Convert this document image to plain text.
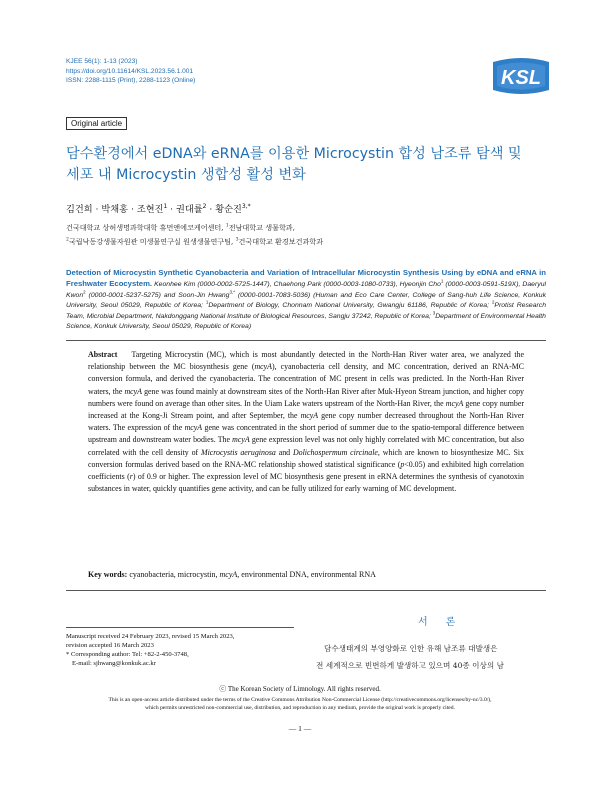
KJEE 56(1): 1-13 (2023)
https://doi.org/10.11614/KSL.2023.56.1.001
ISSN: 2288-1115 (Print), 2288-1123 (Online)	KSL
Original article
담수환경에서 eDNA와 eRNA를 이용한 Microcystin 합성 남조류 탐색 및
세포 내 Microcystin 생합성 활성 변화
김건희 · 박채홍 · 조현진$^1$ · 권대률$^2$ · 황순진$^{3,*}$
건국대학교 상허생명과학대학 휴먼앤에코케어센터, $^1$전남대학교 생물학과,
$^2$국립낙동강생물자원관 미생물연구실 원생생물연구팀, $^3$건국대학교 환경보건과학과
Detection of Microcystin Synthetic Cyanobacteria and Variation of Intracellular Microcystin Synthesis Using by eDNA and eRNA in Freshwater Ecocystem. Keonhee Kim (0000-0002-5725-1447), Chaehong Park (0000-0003-1080-0733), Hyeonjin Cho$^1$ (0000-0003-0591-519X), Daeryul Kwon$^2$ (0000-0001-5237-5275) and Soon-Jin Hwang$^{3,*}$ (0000-0001-7083-5036) (Human and Eco Care Center, College of Sang-huh Life Science, Konkuk University, Seoul 05029, Republic of Korea; $^1$Department of Biology, Chonnam National University, Gwangju 61186, Republic of Korea; $^2$Protist Research Team, Microbial Department, Nakdonggang National Institute of Biological Resources, Sangju 37242, Republic of Korea; $^3$Department of Environmental Health Science, Konkuk University, Seoul 05029, Republic of Korea)
Abstract Targeting Microcystin (MC), which is most abundantly detected in the North-Han River water area, we analyzed the relationship between the MC biosynthesis gene (mcyA), cyanobacteria cell density, and MC concentration, derived an RNA-MC conversion formula, and derived the cyanobacteria. The concentration of MC present in cells was predicted. In the North-Han River waters, the mcyA gene was found mainly at downstream sites of the North-Han River after Muk-Hyeon Stream junction, and higher copy numbers were found on average than other sites. In the Uiam Lake waters upstream of the North-Han River, the mcyA gene copy number increased at the Kong-Ji Stream point, and after September, the mcyA gene copy number decreased throughout the North-Han River waters. The expression of the mcyA gene was concentrated in the short period of summer due to the spatio-temporal difference between upstream and downstream water bodies. The mcyA gene expression level was not only highly correlated with MC concentration, but also correlated with the cell density of Microcystis aeruginosa and Dolichospermum circinale, which are known to biosynthesize MC. Six conversion formulas derived based on the RNA-MC relationship showed statistical significance (p<0.05) and exhibited high correlation coefficients (r) of 0.9 or higher. The expression level of MC biosynthesis gene present in eRNA determines the synthesis of cyanotoxin substances in water, quickly quantifies gene activity, and can be fully utilized for early warning of MC development.
Key words: cyanobacteria, microcystin, mcyA, environmental DNA, environmental RNA
서론
Manuscript received 24 February 2023, revised 15 March 2023,
revision accepted 16 March 2023
* Corresponding author: Tel: +82-2-450-3748,
E-mail: sjhwang@konkuk.ac.kr
담수생태계의 부영양화로 인한 유해 남조류 대발생은
전 세계적으로 빈번하게 발생하고 있으며 40종 이상의 남
ⓒ The Korean Society of Limnology. All rights reserved.
This is an open-access article distributed under the terms of the Creative Commons Attribution Non-Commercial License (http://creativecommons.org/licenses/by-nc/3.0/),
which permits unrestricted non-commercial use, distribution, and reproduction in any medium, provide the original work is properly cited.
— 1 —
